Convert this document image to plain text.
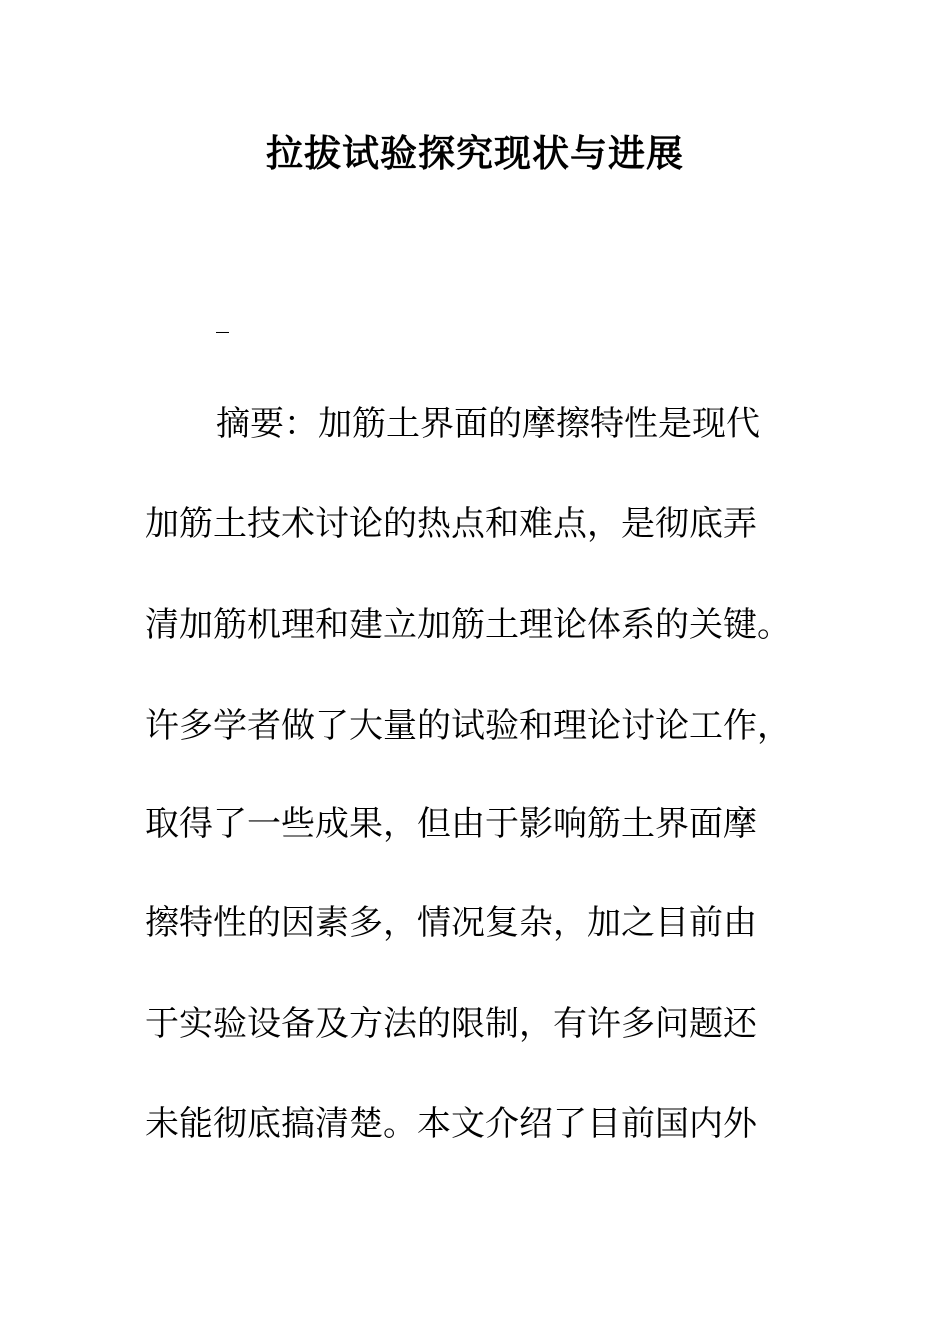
拉拔试验探究现状与进展
_
摘要：加筋土界面的摩擦特性是现代
加筋土技术讨论的热点和难点，是彻底弄
清加筋机理和建立加筋土理论体系的关键。
许多学者做了大量的试验和理论讨论工作，
取得了一些成果，但由于影响筋土界面摩
擦特性的因素多，情况复杂，加之目前由
于实验设备及方法的限制，有许多问题还
未能彻底搞清楚。本文介绍了目前国内外
